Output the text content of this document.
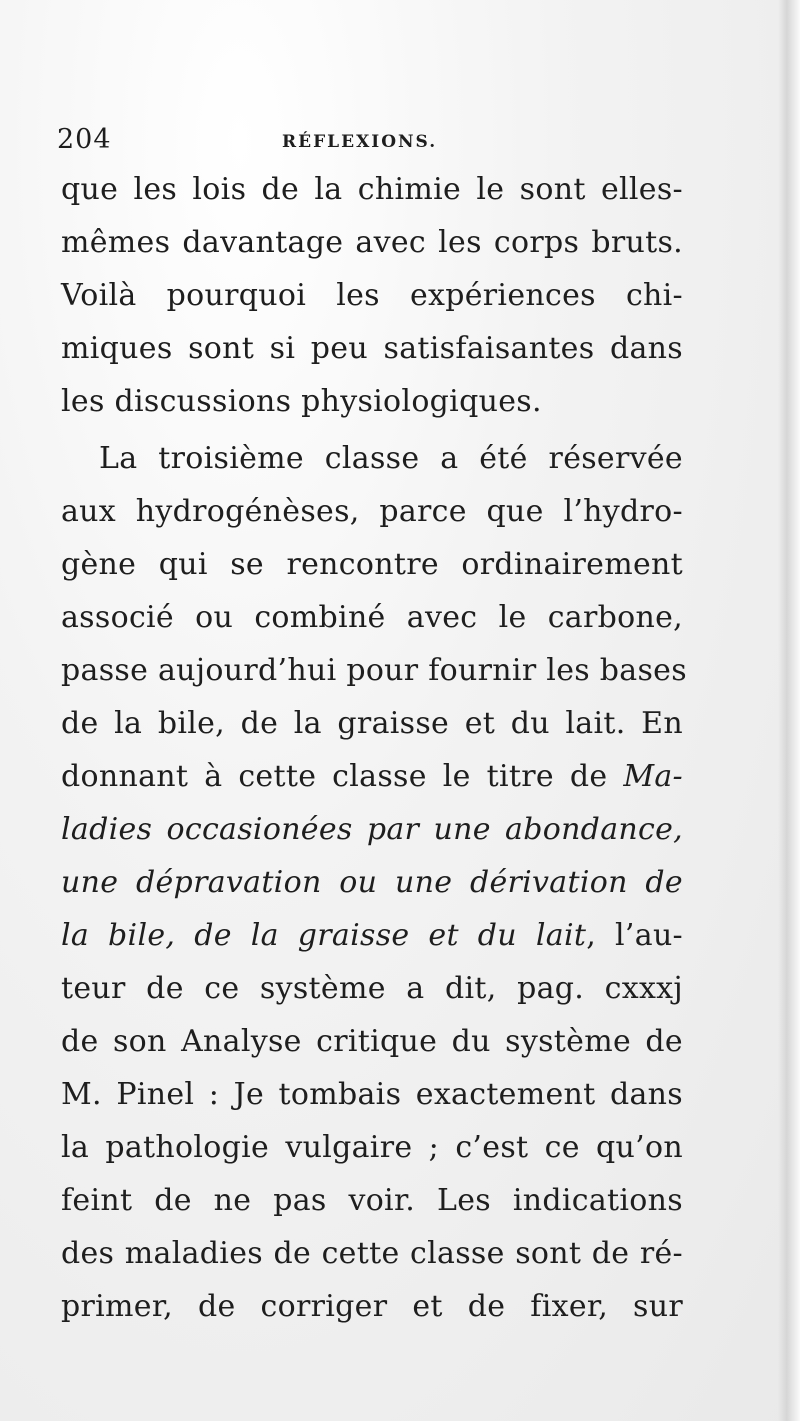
204	RÉFLEXIONS.
que les lois de la chimie le sont elles-
mêmes davantage avec les corps bruts.
Voilà pourquoi les expériences chi-
miques sont si peu satisfaisantes dans
les discussions physiologiques.
La troisième classe a été réservée
aux hydrogénèses, parce que l’hydro-
gène qui se rencontre ordinairement
associé ou combiné avec le carbone,
passe aujourd’hui pour fournir les bases
de la bile, de la graisse et du lait. En
donnant à cette classe le titre de Ma-
ladies occasionées par une abondance,
une dépravation ou une dérivation de
la bile, de la graisse et du lait, l’au-
teur de ce système a dit, pag. cxxxj
de son Analyse critique du système de
M. Pinel : Je tombais exactement dans
la pathologie vulgaire ; c’est ce qu’on
feint de ne pas voir. Les indications
des maladies de cette classe sont de ré-
primer, de corriger et de fixer, sur
